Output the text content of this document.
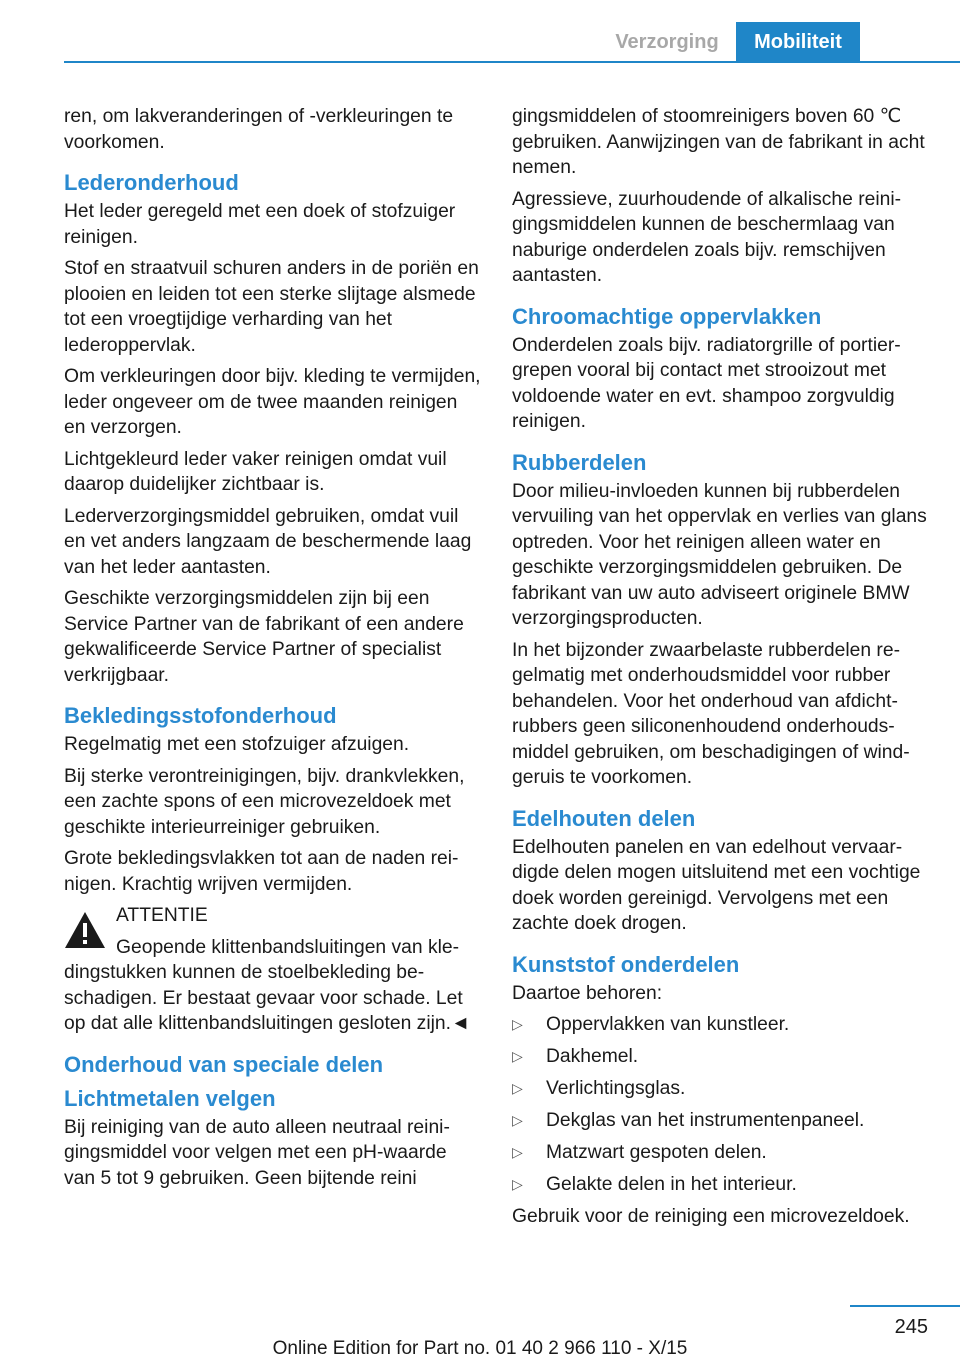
Verzorging	Mobiliteit

ren, om lakveranderingen of -verkleuringen te voorkomen.

Lederonderhoud

Het leder geregeld met een doek of stofzuiger reinigen.

Stof en straatvuil schuren anders in de poriën en plooien en leiden tot een sterke slijtage alsmede tot een vroegtijdige verharding van het lederoppervlak.

Om verkleuringen door bijv. kleding te vermijden, leder ongeveer om de twee maanden reinigen en verzorgen.

Lichtgekleurd leder vaker reinigen omdat vuil daarop duidelijker zichtbaar is.

Lederverzorgingsmiddel gebruiken, omdat vuil en vet anders langzaam de beschermende laag van het leder aantasten.

Geschikte verzorgingsmiddelen zijn bij een Service Partner van de fabrikant of een andere gekwalificeerde Service Partner of specialist verkrijgbaar.

Bekledingsstofonderhoud

Regelmatig met een stofzuiger afzuigen.

Bij sterke verontreinigingen, bijv. drankvlekken, een zachte spons of een microvezeldoek met geschikte interieurreiniger gebruiken.

Grote bekledingsvlakken tot aan de naden reinigen. Krachtig wrijven vermijden.

ATTENTIE
Geopende klittenbandsluitingen van kledingstukken kunnen de stoelbekleding beschadigen. Er bestaat gevaar voor schade. Let op dat alle klittenbandsluitingen gesloten zijn.◄
Onderhoud van speciale delen
Lichtmetalen velgen

Bij reiniging van de auto alleen neutraal reinigingsmiddel voor velgen met een pH-waarde van 5 tot 9 gebruiken. Geen bijtende reini

gingsmiddelen of stoomreinigers boven 60 ℃ gebruiken. Aanwijzingen van de fabrikant in acht nemen.

Agressieve, zuurhoudende of alkalische reinigingsmiddelen kunnen de beschermlaag van naburige onderdelen zoals bijv. remschijven aantasten.

Chroomachtige oppervlakken

Onderdelen zoals bijv. radiatorgrille of portiergrepen vooral bij contact met strooizout met voldoende water en evt. shampoo zorgvuldig reinigen.

Rubberdelen

Door milieu-invloeden kunnen bij rubberdelen vervuiling van het oppervlak en verlies van glans optreden. Voor het reinigen alleen water en geschikte verzorgingsmiddelen gebruiken. De fabrikant van uw auto adviseert originele BMW verzorgingsproducten.

In het bijzonder zwaarbelaste rubberdelen regelmatig met onderhoudsmiddel voor rubber behandelen. Voor het onderhoud van afdichtrubbers geen siliconenhoudend onderhoudsmiddel gebruiken, om beschadigingen of windgeruis te voorkomen.

Edelhouten delen

Edelhouten panelen en van edelhout vervaardigde delen mogen uitsluitend met een vochtige doek worden gereinigd. Vervolgens met een zachte doek drogen.

Kunststof onderdelen

Daartoe behoren:

▷ Oppervlakken van kunstleer.
▷ Dakhemel.
▷ Verlichtingsglas.
▷ Dekglas van het instrumentenpaneel.
▷ Matzwart gespoten delen.
▷ Gelakte delen in het interieur.

Gebruik voor de reiniging een microvezeldoek.

245
Online Edition for Part no. 01 40 2 966 110 - X/15
